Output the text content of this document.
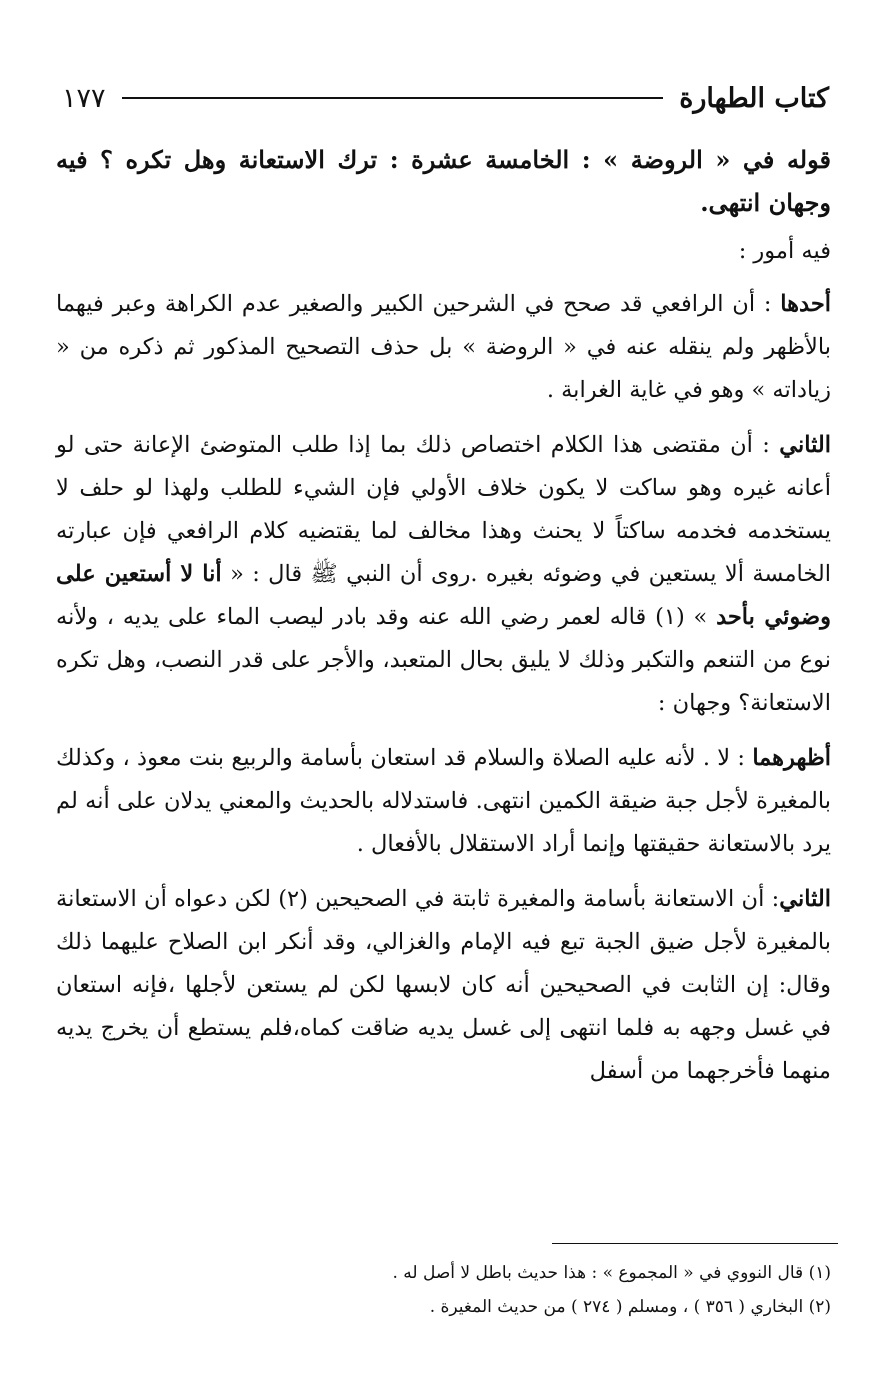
كتاب الطهارة
١٧٧

قوله في « الروضة » : الخامسة عشرة : ترك الاستعانة وهل تكره ؟ فيه وجهان انتهى.

فيه أمور :

أحدها : أن الرافعي قد صحح في الشرحين الكبير والصغير عدم الكراهة وعبر فيهما بالأظهر ولم ينقله عنه في « الروضة » بل حذف التصحيح المذكور ثم ذكره من « زياداته » وهو في غاية الغرابة .

الثاني : أن مقتضى هذا الكلام اختصاص ذلك بما إذا طلب المتوضئ الإعانة حتى لو أعانه غيره وهو ساكت لا يكون خلاف الأولي فإن الشيء للطلب ولهذا لو حلف لا يستخدمه فخدمه ساكتاً لا يحنث وهذا مخالف لما يقتضيه كلام الرافعي فإن عبارته الخامسة ألا يستعين في وضوئه بغيره .روى أن النبي ﷺ قال : « أنا لا أستعين على وضوئي بأحد » (١) قاله لعمر رضي الله عنه وقد بادر ليصب الماء على يديه ، ولأنه نوع من التنعم والتكبر وذلك لا يليق بحال المتعبد، والأجر على قدر النصب، وهل تكره الاستعانة؟ وجهان :

أظهرهما : لا . لأنه عليه الصلاة والسلام قد استعان بأسامة والربيع بنت معوذ ، وكذلك بالمغيرة لأجل جبة ضيقة الكمين انتهى. فاستدلاله بالحديث والمعني يدلان على أنه لم يرد بالاستعانة حقيقتها وإنما أراد الاستقلال بالأفعال .

الثاني: أن الاستعانة بأسامة والمغيرة ثابتة في الصحيحين (٢) لكن دعواه أن الاستعانة بالمغيرة لأجل ضيق الجبة تبع فيه الإمام والغزالي، وقد أنكر ابن الصلاح عليهما ذلك وقال: إن الثابت في الصحيحين أنه كان لابسها لكن لم يستعن لأجلها ،فإنه استعان في غسل وجهه به فلما انتهى إلى غسل يديه ضاقت كماه،فلم يستطع أن يخرج يديه منهما فأخرجهما من أسفل

(١) قال النووي في « المجموع » : هذا حديث باطل لا أصل له .
(٢) البخاري ( ٣٥٦ ) ، ومسلم ( ٢٧٤ ) من حديث المغيرة .
